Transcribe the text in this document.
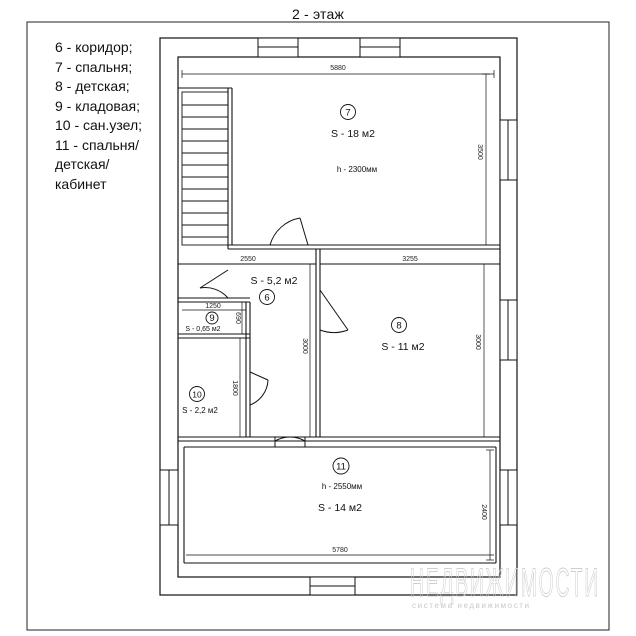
2 - этаж
6 - коридор;
7 - спальня;
8 - детская;
9 - кладовая;
10 - сан.узел;
11 - спальня/
детская/
кабинет
5880
3500
2550	3255
3000
3000
1250
690
1800
5780
2400
7
S - 18 м2
h - 2300мм
S - 5,2 м2
6
8
S - 11 м2
9
S - 0,65 м2
10
S - 2,2 м2
11
h - 2550мм
S - 14 м2
НЕДВИЖИМОСТИ
система недвижимости
